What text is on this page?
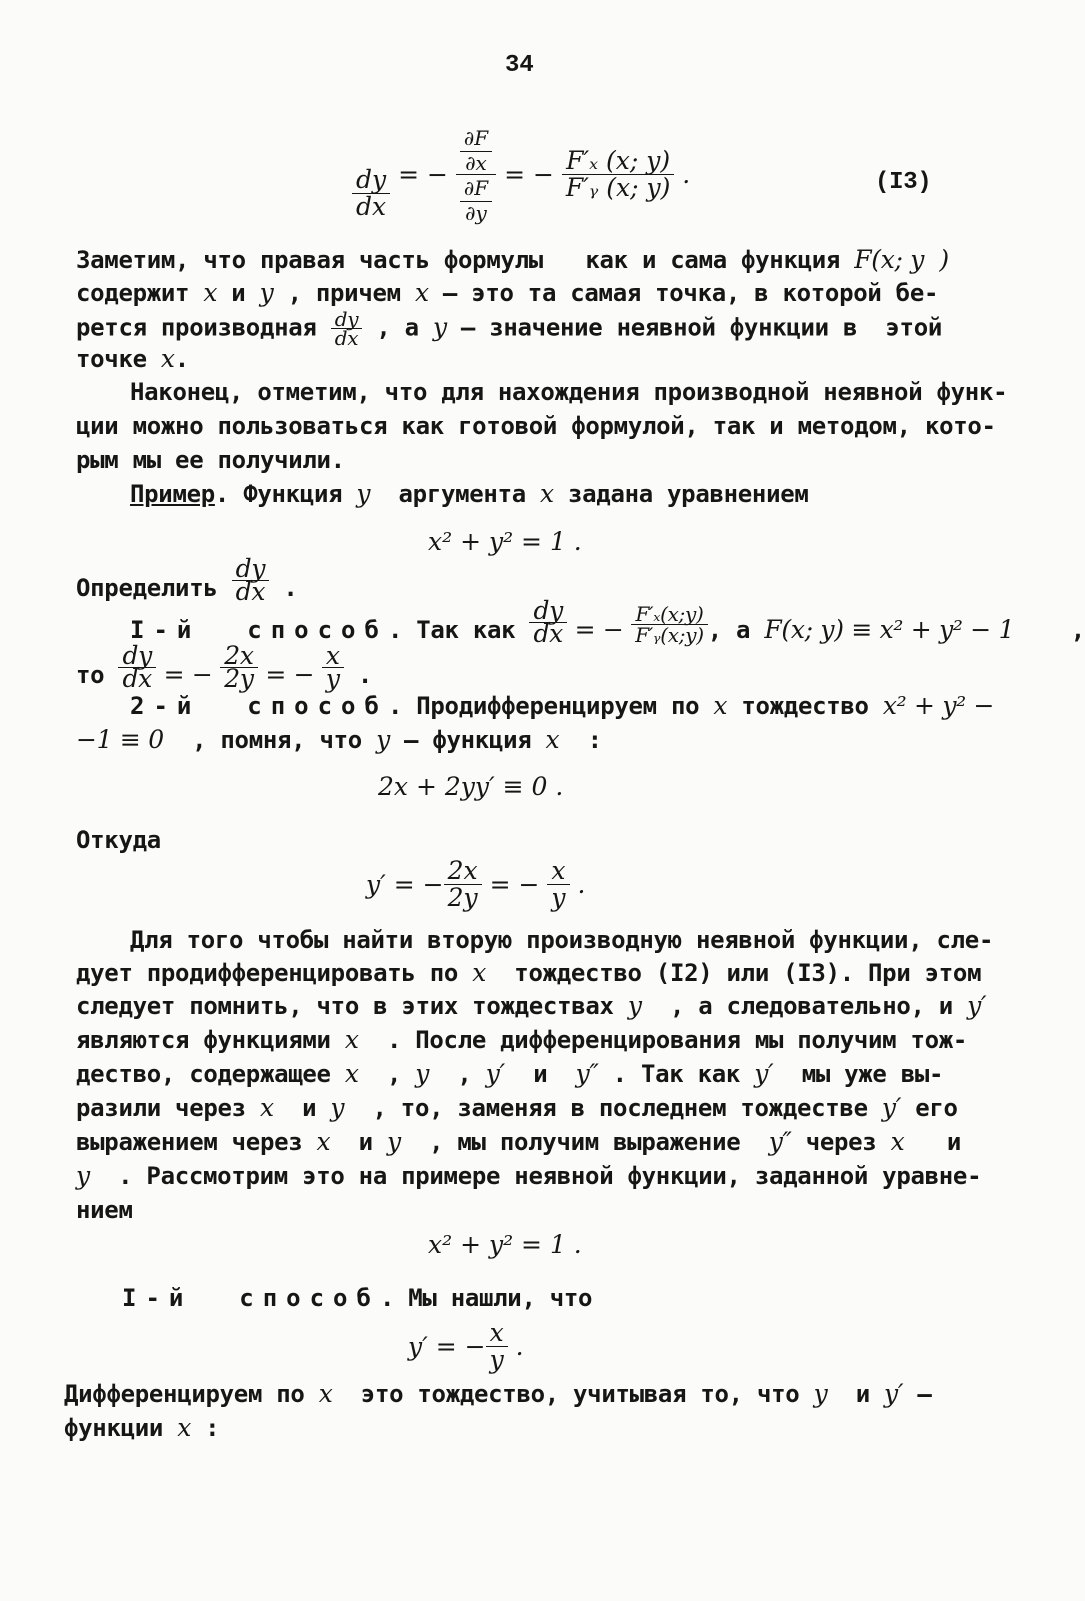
34
$\frac{dy}{dx}$ = − $\frac{\frac{\partial F}{\partial x}}{\frac{\partial F}{\partial y}}$ = − $\frac{\text{F′ₓ (x; y)}}{\text{F′ᵧ (x; y)}}$ .	(I3)
Заметим, что правая часть формулы   как и сама функция F(x; y  )
содержит x и y , причем x – это та самая точка, в которой бе-
рется производная $\frac{dy}{dx}$ , а y – значение неявной функции в  этой
точке x.
Наконец, отметим, что для нахождения производной неявной функ-
ции можно пользоваться как готовой формулой, так и методом, кото-
рым мы ее получили.
Пример. Функция y  аргумента x задана уравнением
x² + y² = 1 .
Определить $\frac{dy}{dx}$ .
I-й  способ. Так как $\frac{dy}{dx}$ = − $\frac{\text{F′ₓ(x;y)}}{\text{F′ᵧ(x;y)}}$ , а F(x; y) ≡ x² + y² − 1 ,
то $\frac{dy}{dx}$ = − $\frac{2x}{2y}$ = − $\frac{x}{y}$ .
2-й  способ. Продифференцируем по x тождество x² + y² −
−1 ≡ 0  , помня, что y – функция x  :
2x + 2yy′ ≡ 0 .
Откуда
y′ = − $\frac{2x}{2y}$ = − $\frac{x}{y}$ .
Для того чтобы найти вторую производную неявной функции, сле-
дует продифференцировать по x  тождество (I2) или (I3). При этом
следует помнить, что в этих тождествах y  , а следовательно, и y′
являются функциями x  . После дифференцирования мы получим тож-
дество, содержащее x  , y  , y′  и  y″ . Так как y′  мы уже вы-
разили через x  и y  , то, заменяя в последнем тождестве y′ его
выражением через x  и y  , мы получим выражение  y″ через x   и
y  . Рассмотрим это на примере неявной функции, заданной уравне-
нием
x² + y² = 1 .
I-й  способ. Мы нашли, что
y′ = − $\frac{x}{y}$ .
Дифференцируем по x  это тождество, учитывая то, что y  и y′ –
функции x :
